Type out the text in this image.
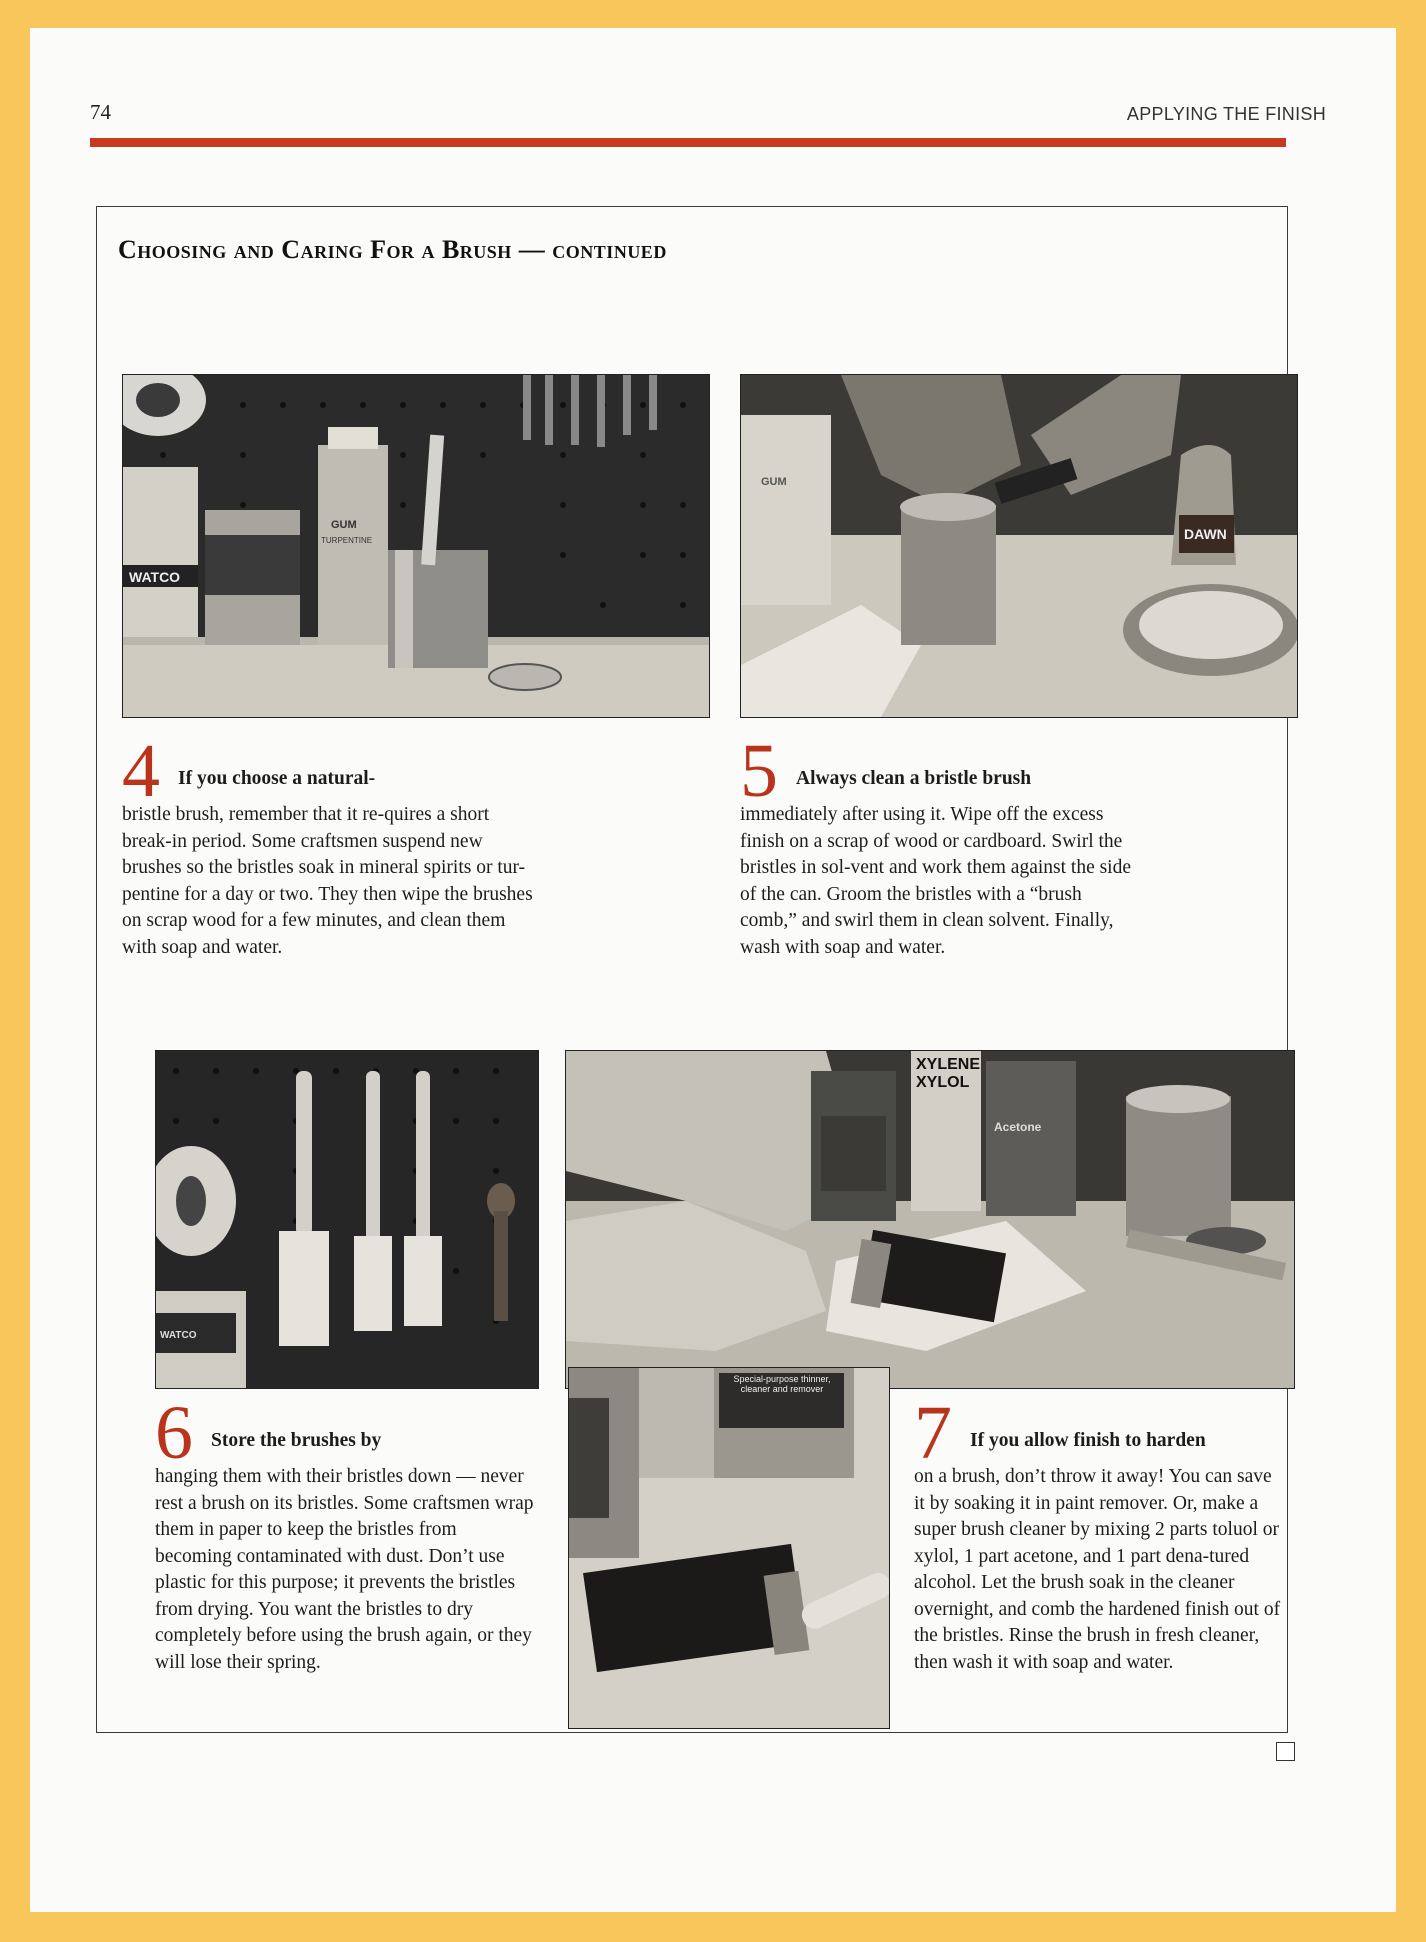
74	APPLYING THE FINISH
Choosing and Caring For a Brush — continued
WATCO
GUM
TURPENTINE
GUM
DAWN
4 If you choose a natural-
bristle brush, remember that it re-quires a short break-in period. Some craftsmen suspend new brushes so the bristles soak in mineral spirits or tur-pentine for a day or two. They then wipe the brushes on scrap wood for a few minutes, and clean them with soap and water.
5 Always clean a bristle brush
immediately after using it. Wipe off the excess finish on a scrap of wood or cardboard. Swirl the bristles in sol-vent and work them against the side of the can. Groom the bristles with a “brush comb,” and swirl them in clean solvent. Finally, wash with soap and water.
WATCO
XYLENE
XYLOL
Acetone
Special-purpose thinner, cleaner and remover
6 Store the brushes by
hanging them with their bristles down — never rest a brush on its bristles. Some craftsmen wrap them in paper to keep the bristles from becoming contaminated with dust. Don’t use plastic for this purpose; it prevents the bristles from drying. You want the bristles to dry completely before using the brush again, or they will lose their spring.
7 If you allow finish to harden
on a brush, don’t throw it away! You can save it by soaking it in paint remover. Or, make a super brush cleaner by mixing 2 parts toluol or xylol, 1 part acetone, and 1 part dena-tured alcohol. Let the brush soak in the cleaner overnight, and comb the hardened finish out of the bristles. Rinse the brush in fresh cleaner, then wash it with soap and water.
